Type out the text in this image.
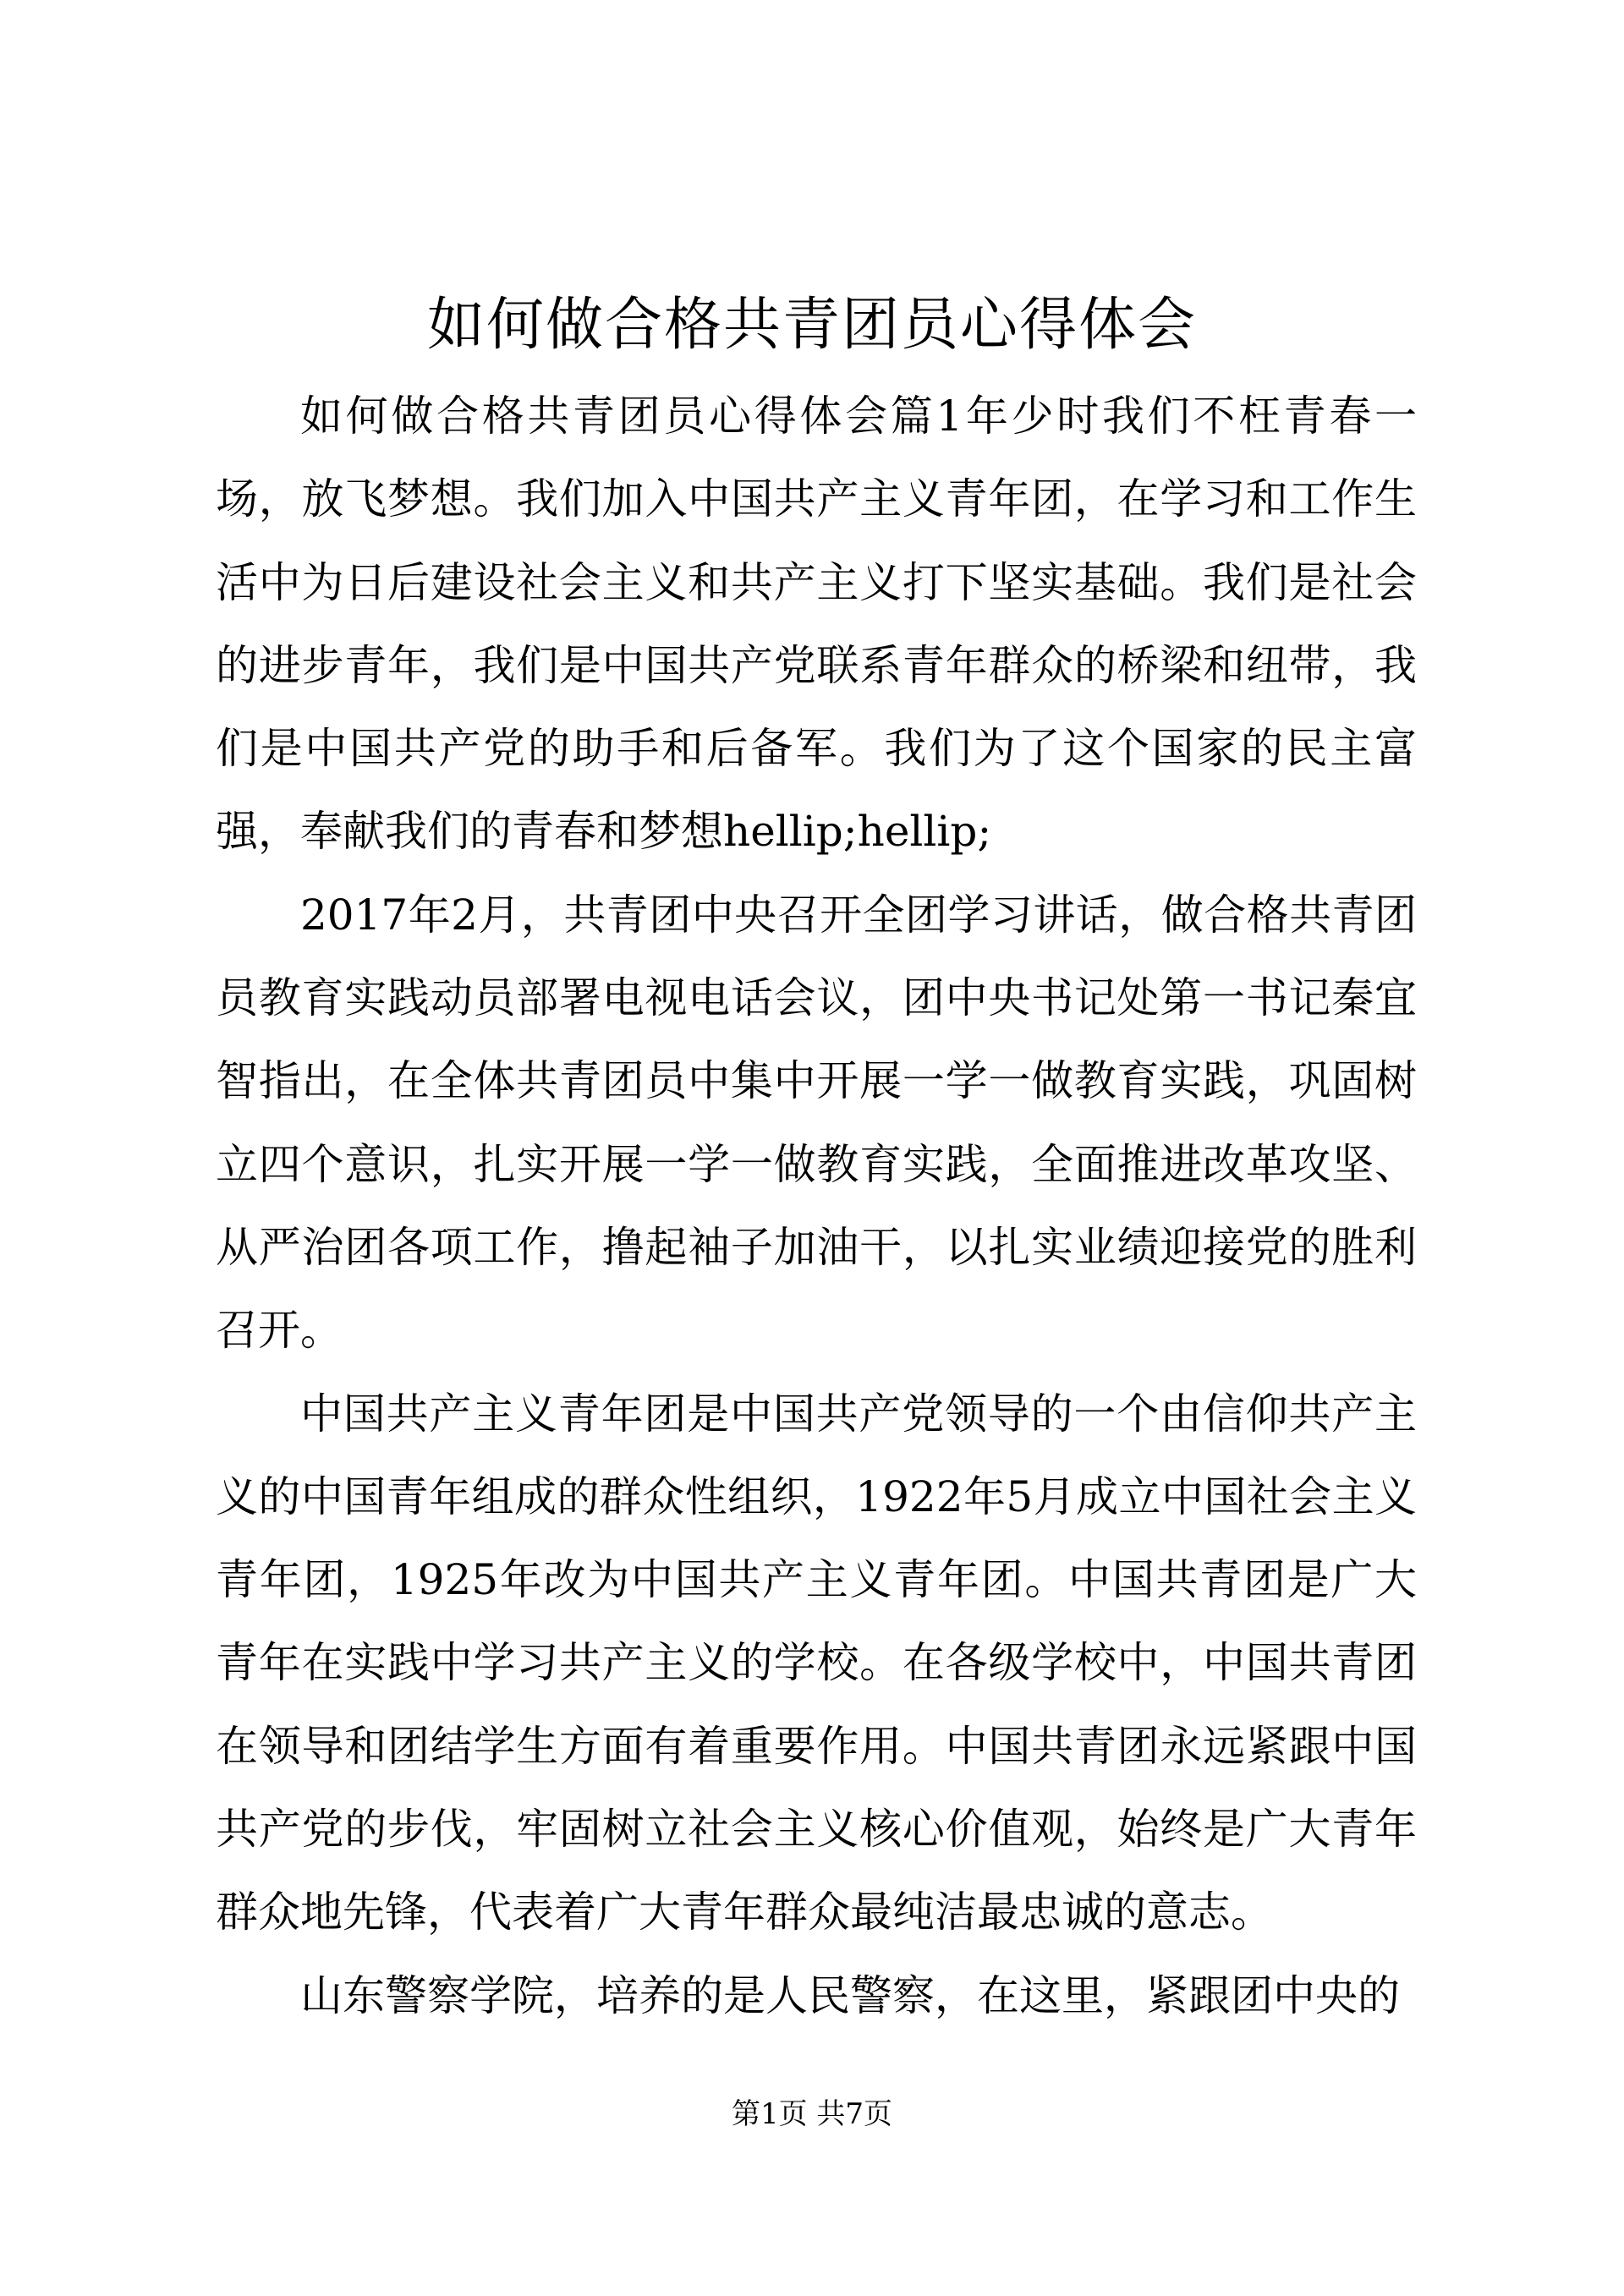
如何做合格共青团员心得体会

如何做合格共青团员心得体会篇1年少时我们不枉青春一场，放飞梦想。我们加入中国共产主义青年团，在学习和工作生活中为日后建设社会主义和共产主义打下坚实基础。我们是社会的进步青年，我们是中国共产党联系青年群众的桥梁和纽带，我们是中国共产党的助手和后备军。我们为了这个国家的民主富强，奉献我们的青春和梦想hellip;hellip;

2017年2月，共青团中央召开全团学习讲话，做合格共青团员教育实践动员部署电视电话会议，团中央书记处第一书记秦宜智指出，在全体共青团员中集中开展一学一做教育实践，巩固树立四个意识，扎实开展一学一做教育实践，全面推进改革攻坚、从严治团各项工作，撸起袖子加油干，以扎实业绩迎接党的胜利召开。

中国共产主义青年团是中国共产党领导的一个由信仰共产主义的中国青年组成的群众性组织，1922年5月成立中国社会主义青年团，1925年改为中国共产主义青年团。中国共青团是广大青年在实践中学习共产主义的学校。在各级学校中，中国共青团在领导和团结学生方面有着重要作用。中国共青团永远紧跟中国共产党的步伐，牢固树立社会主义核心价值观，始终是广大青年群众地先锋，代表着广大青年群众最纯洁最忠诚的意志。

山东警察学院，培养的是人民警察，在这里，紧跟团中央的

第1页 共7页
